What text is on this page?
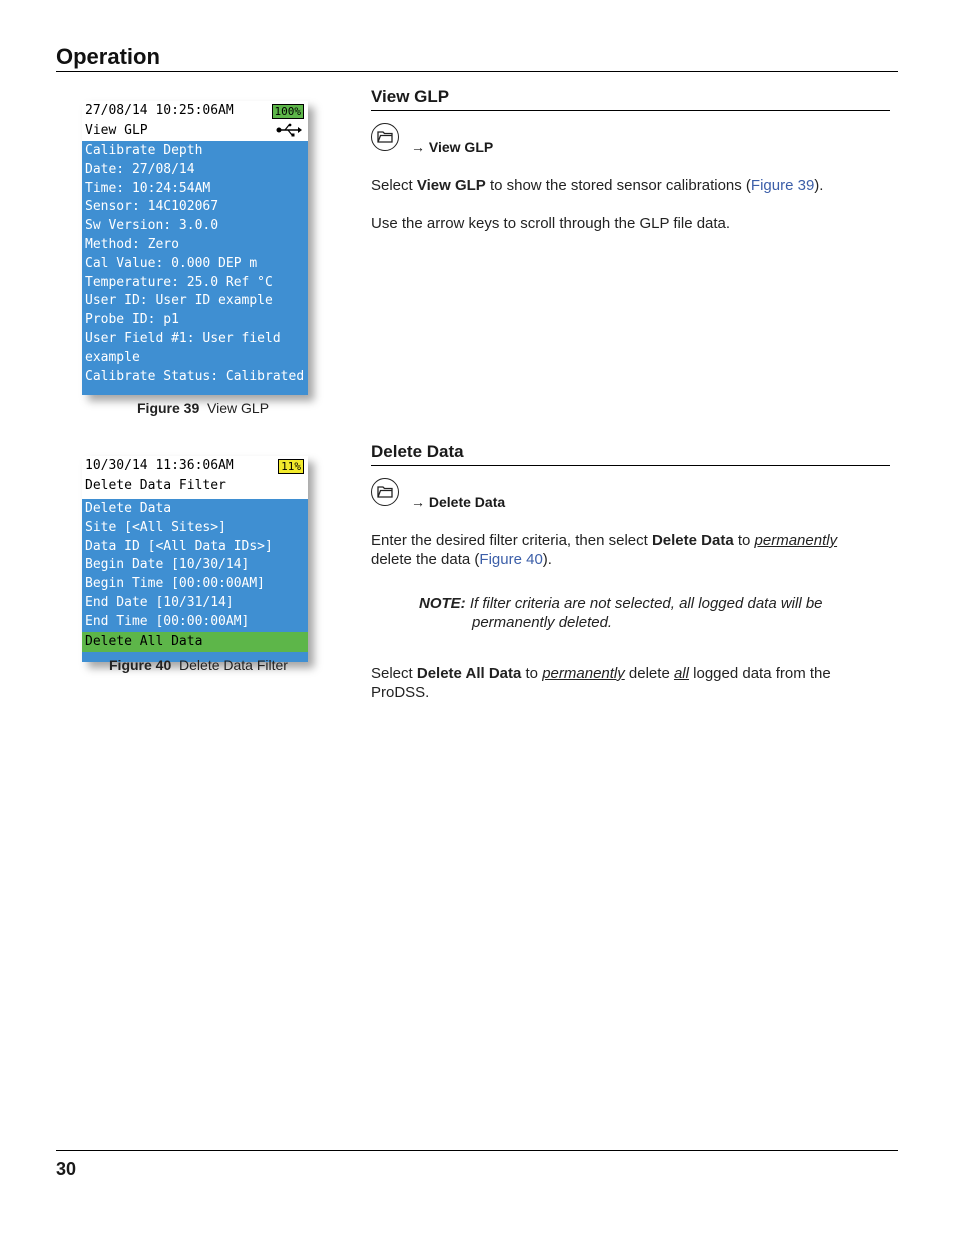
Operation
27/08/14 10:25:06AM	100%
View GLP
Calibrate Depth
Date: 27/08/14
Time: 10:24:54AM
Sensor: 14C102067
Sw Version: 3.0.0
Method: Zero
Cal Value: 0.000 DEP m
Temperature: 25.0 Ref °C
User ID: User ID example
Probe ID: p1
User Field #1: User field
example
Calibrate Status: Calibrated
Figure 39 View GLP
10/30/14 11:36:06AM	11%
Delete Data Filter
Delete Data
Site [<All Sites>]
Data ID [<All Data IDs>]
Begin Date [10/30/14]
Begin Time [00:00:00AM]
End Date [10/31/14]
End Time [00:00:00AM]
Delete All Data
Figure 40 Delete Data Filter
View GLP
→ View GLP
Select View GLP to show the stored sensor calibrations (Figure 39).
Use the arrow keys to scroll through the GLP file data.
Delete Data
→ Delete Data
Enter the desired filter criteria, then select Delete Data to permanently
delete the data (Figure 40).
NOTE: If filter criteria are not selected, all logged data will be
permanently deleted.
Select Delete All Data to permanently delete all logged data from the
ProDSS.
30
